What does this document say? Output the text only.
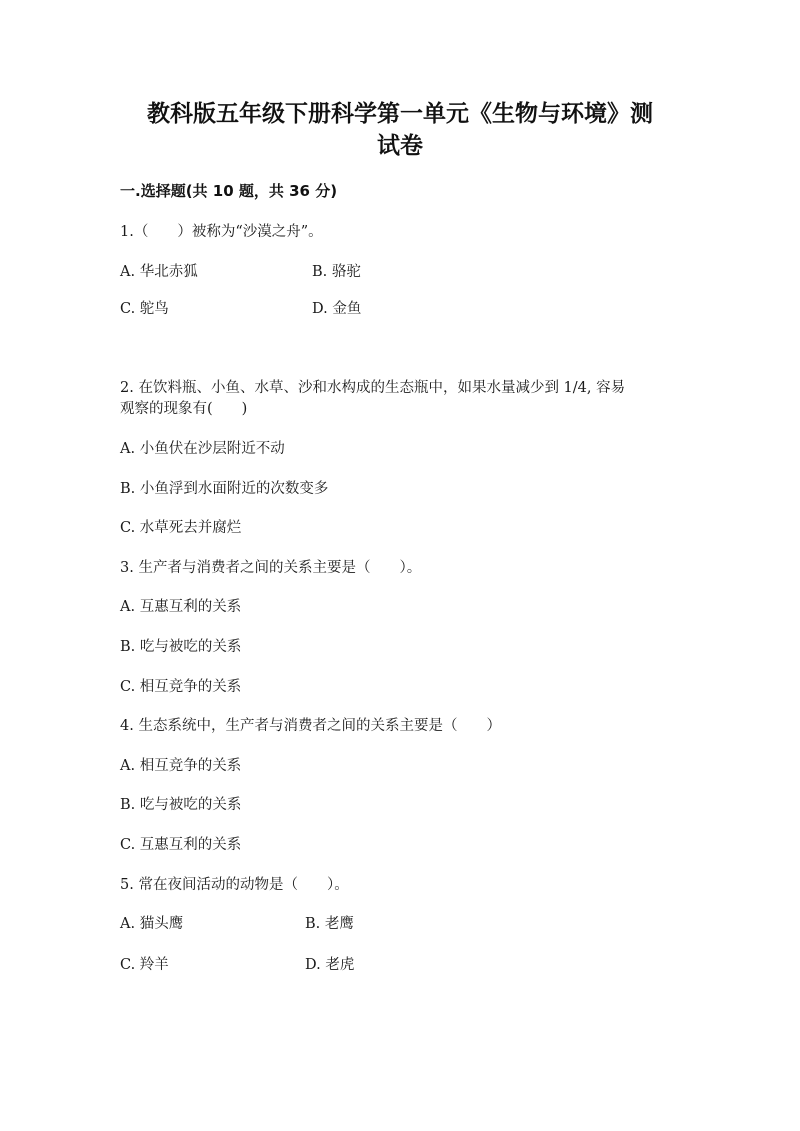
教科版五年级下册科学第一单元《生物与环境》测
试卷
一.选择题(共 10 题，共 36 分)
1.（　　）被称为“沙漠之舟”。
A. 华北赤狐	B. 骆驼
C. 鸵鸟	D. 金鱼
2. 在饮料瓶、小鱼、水草、沙和水构成的生态瓶中，如果水量减少到 1/4, 容易
观察的现象有(　　)
A. 小鱼伏在沙层附近不动
B. 小鱼浮到水面附近的次数变多
C. 水草死去并腐烂
3. 生产者与消费者之间的关系主要是（　　）。
A. 互惠互利的关系
B. 吃与被吃的关系
C. 相互竞争的关系
4. 生态系统中，生产者与消费者之间的关系主要是（　　）
A. 相互竞争的关系
B. 吃与被吃的关系
C. 互惠互利的关系
5. 常在夜间活动的动物是（　　）。
A. 猫头鹰	B. 老鹰
C. 羚羊	D. 老虎
